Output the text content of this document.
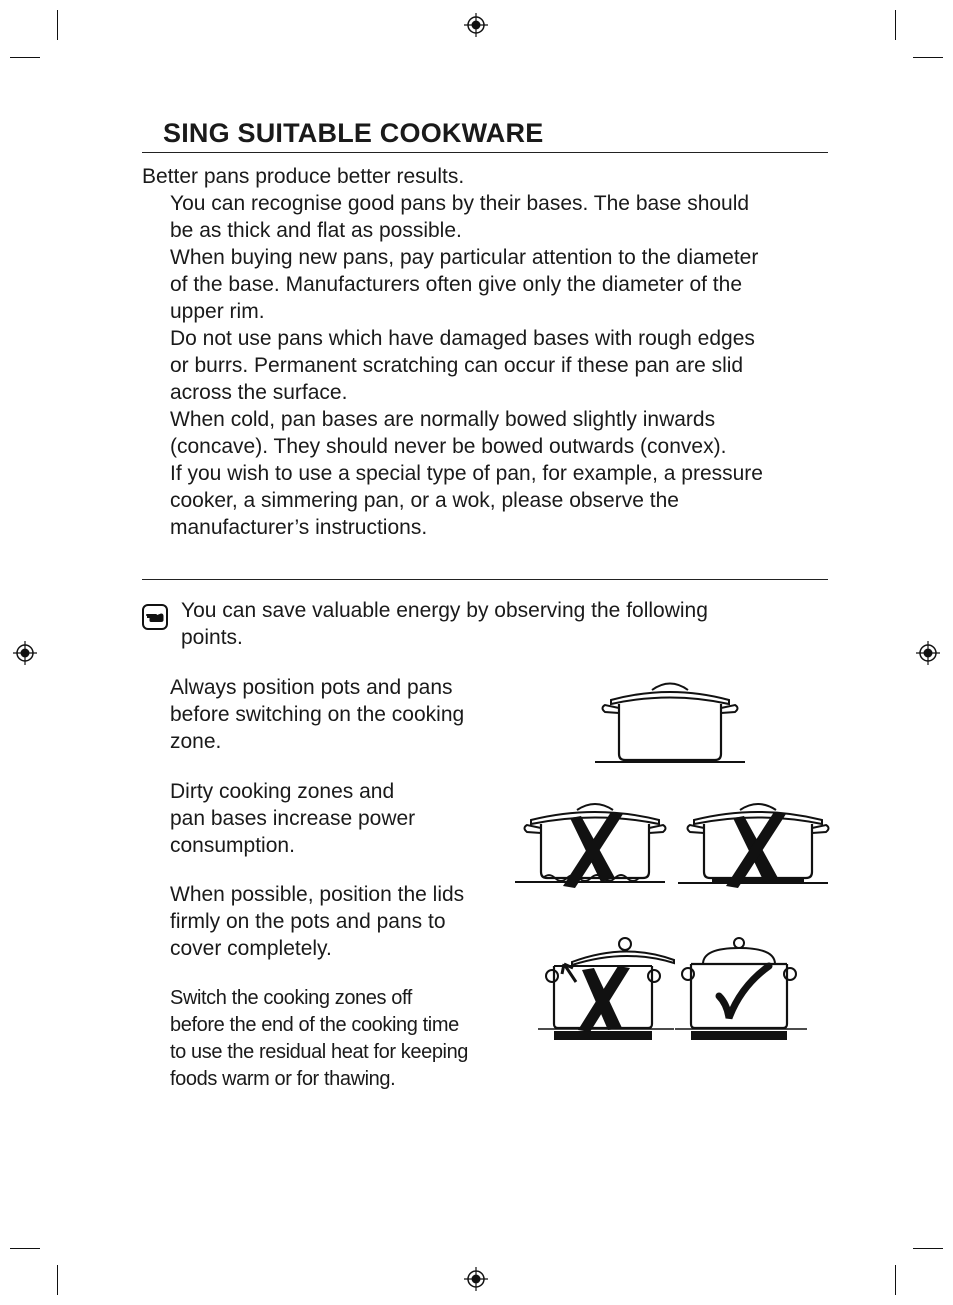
SING SUITABLE COOKWARE
Better pans produce better results.
You can recognise good pans by their bases. The base should
be as thick and flat as possible.
When buying new pans, pay particular attention to the diameter
of the base. Manufacturers often give only the diameter of the
upper rim.
Do not use pans which have damaged bases with rough edges
or burrs. Permanent scratching can occur if these pan are slid
across the surface.
When cold, pan bases are normally bowed slightly inwards
(concave). They should never be bowed outwards (convex).
If you wish to use a special type of pan, for example, a pressure
cooker, a simmering pan, or a wok, please observe the
manufacturer’s instructions.
You can save valuable energy by observing the following
points.
Always position pots and pans
before switching on the cooking
zone.
Dirty cooking zones and
pan bases increase power
consumption.
When possible, position the lids
firmly on the pots and pans to
cover completely.
Switch the cooking zones off
before the end of the cooking time
to use the residual heat for keeping
foods warm or for thawing.
